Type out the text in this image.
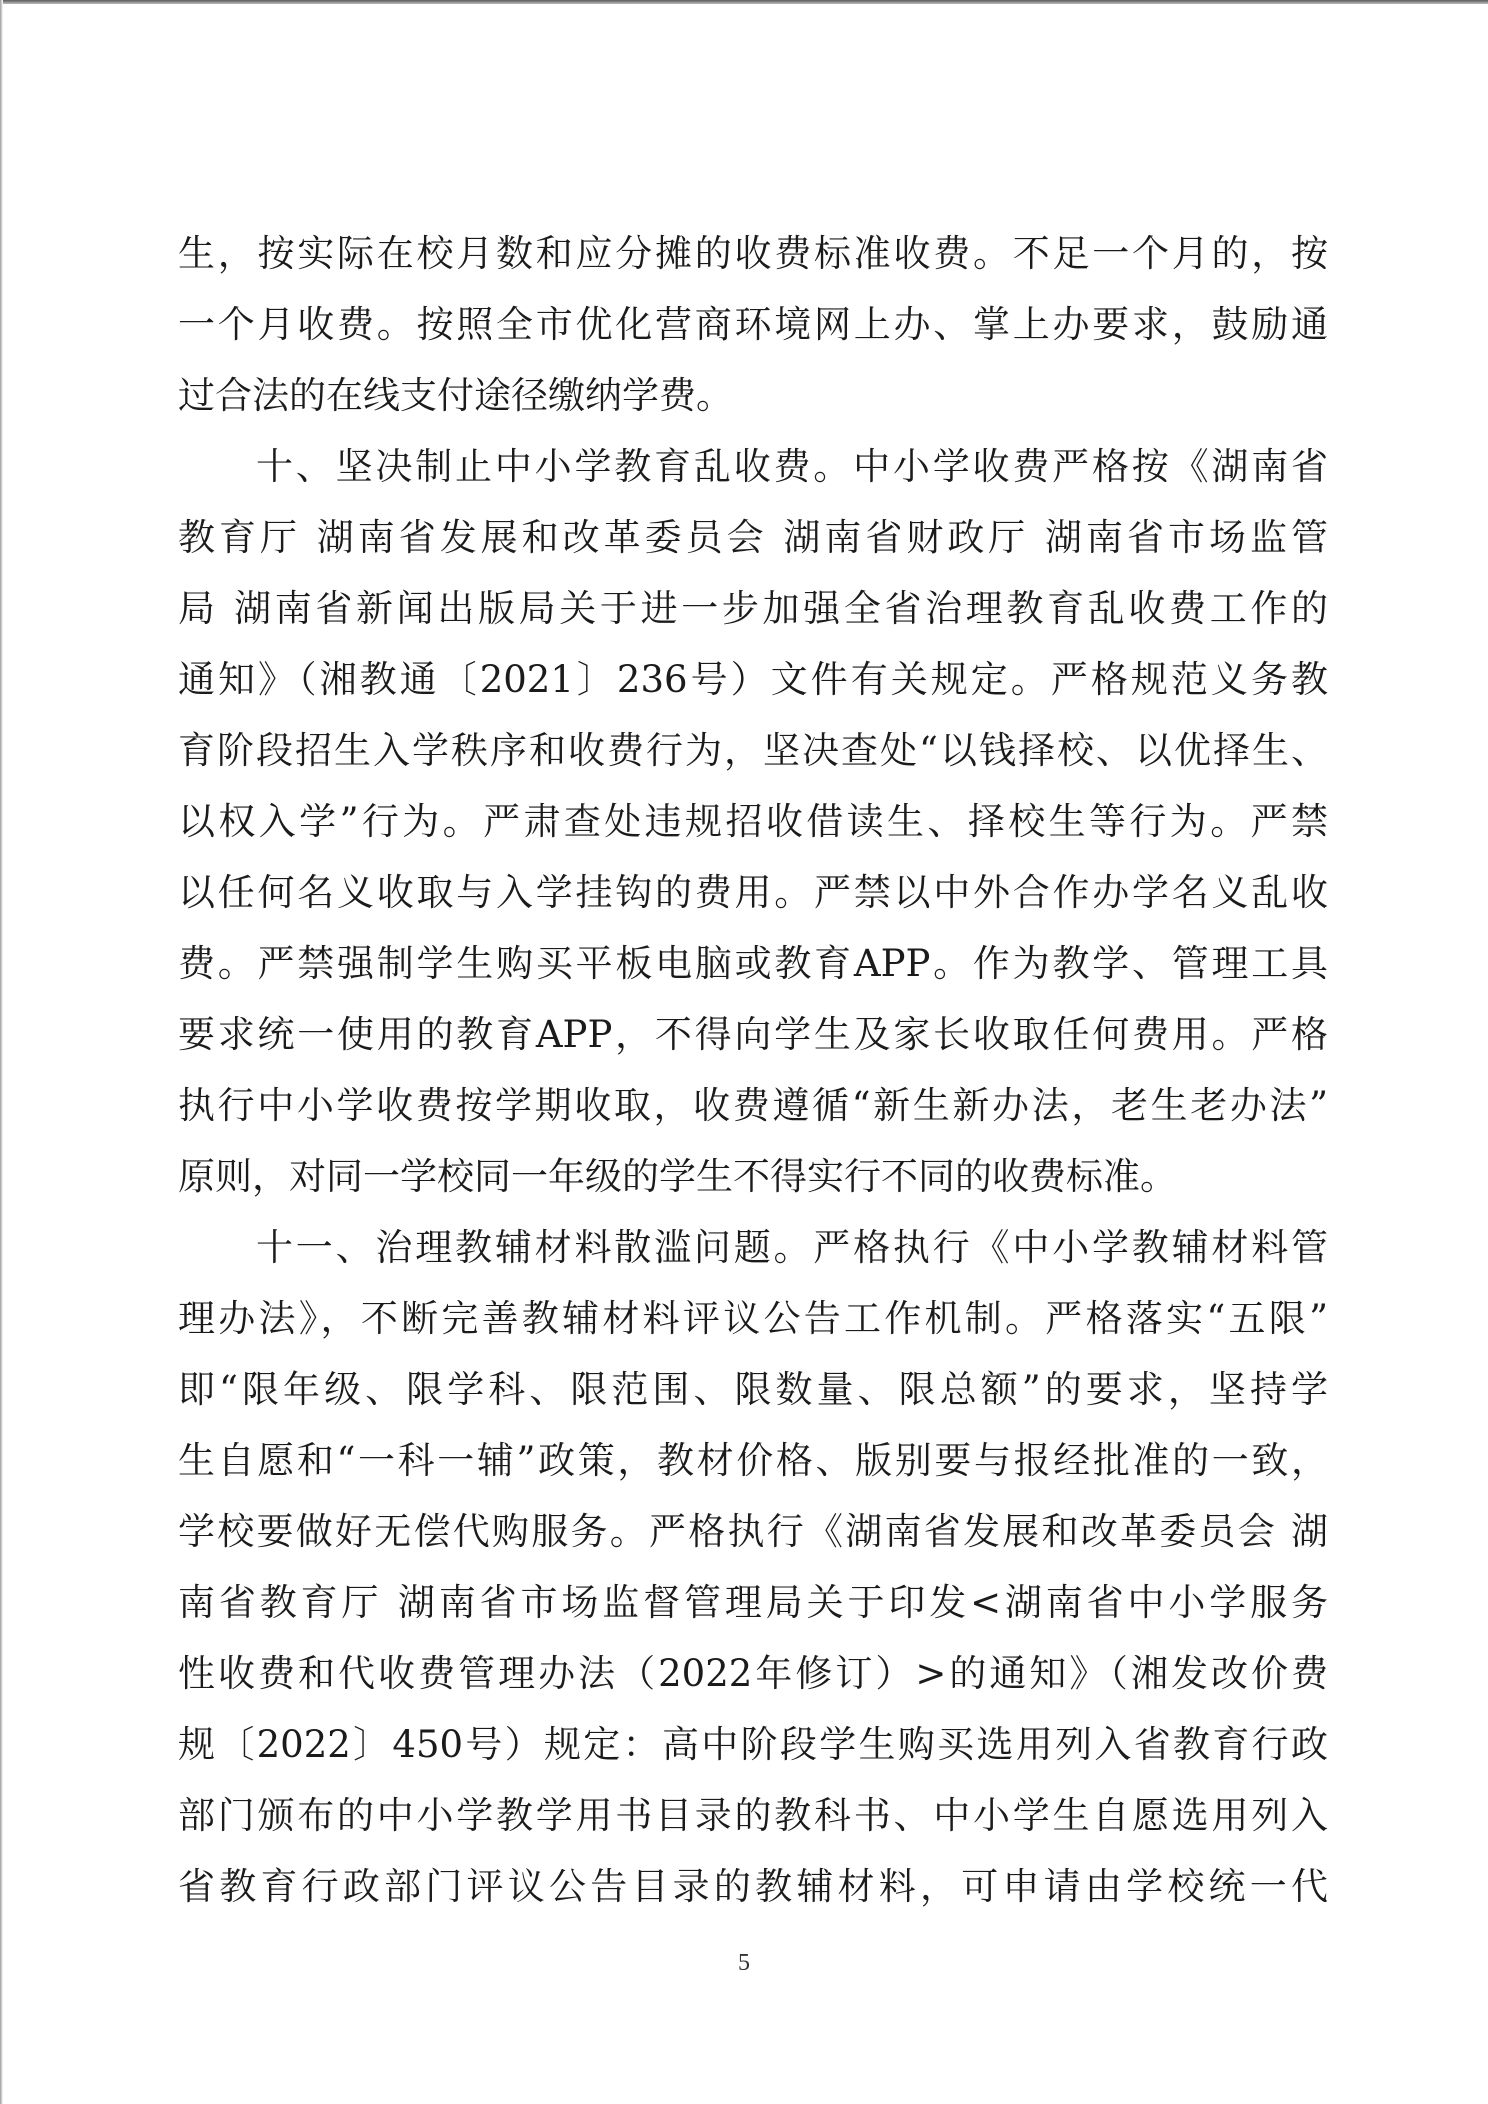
生，按实际在校月数和应分摊的收费标准收费。不足一个月的，按
一个月收费。按照全市优化营商环境网上办、掌上办要求，鼓励通
过合法的在线支付途径缴纳学费。
十、坚决制止中小学教育乱收费。中小学收费严格按《湖南省
教育厅 湖南省发展和改革委员会 湖南省财政厅 湖南省市场监管
局 湖南省新闻出版局关于进一步加强全省治理教育乱收费工作的
通知》（湘教通〔2021〕236号）文件有关规定。严格规范义务教
育阶段招生入学秩序和收费行为，坚决查处“以钱择校、以优择生、
以权入学”行为。严肃查处违规招收借读生、择校生等行为。严禁
以任何名义收取与入学挂钩的费用。严禁以中外合作办学名义乱收
费。严禁强制学生购买平板电脑或教育APP。作为教学、管理工具
要求统一使用的教育APP，不得向学生及家长收取任何费用。严格
执行中小学收费按学期收取，收费遵循“新生新办法，老生老办法”
原则，对同一学校同一年级的学生不得实行不同的收费标准。
十一、治理教辅材料散滥问题。严格执行《中小学教辅材料管
理办法》，不断完善教辅材料评议公告工作机制。严格落实“五限”
即“限年级、限学科、限范围、限数量、限总额”的要求，坚持学
生自愿和“一科一辅”政策，教材价格、版别要与报经批准的一致，
学校要做好无偿代购服务。严格执行《湖南省发展和改革委员会 湖
南省教育厅 湖南省市场监督管理局关于印发<湖南省中小学服务
性收费和代收费管理办法（2022年修订）>的通知》（湘发改价费
规〔2022〕450号）规定：高中阶段学生购买选用列入省教育行政
部门颁布的中小学教学用书目录的教科书、中小学生自愿选用列入
省教育行政部门评议公告目录的教辅材料，可申请由学校统一代
5
